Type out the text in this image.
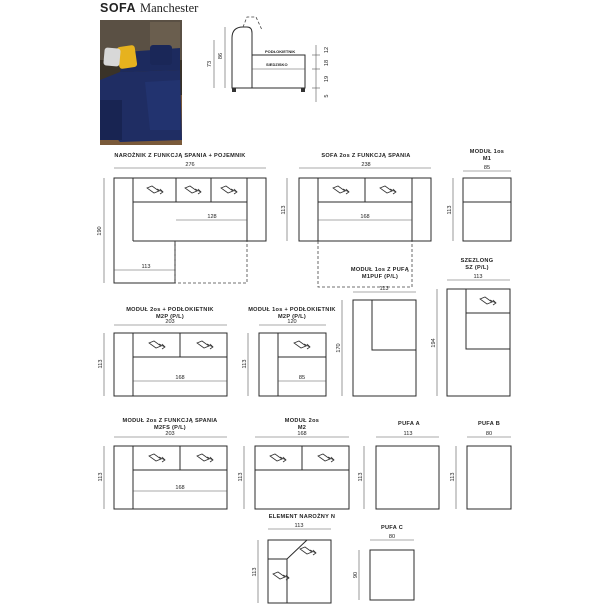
SOFA Manchester
PODŁOKIETNIK
SIEDZISKO
73
86
12
18
19
5
NAROŻNIK Z FUNKCJĄ SPANIA + POJEMNIK
276
190
128
113
SOFA 2os Z FUNKCJĄ SPANIA
238
113
168
MODUŁ 1os
M1
85
113
MODUŁ 1os Z PUFĄ
M1PUF (P/L)
113
170
SZEZLONG
SZ (P/L)
113
194
MODUŁ 2os + PODŁOKIETNIK
M2P (P/L)
203
113
168
MODUŁ 1os + PODŁOKIETNIK
M2P (P/L)
120
113
85
MODUŁ 2os Z FUNKCJĄ SPANIA
M2FS (P/L)
203
113
168
MODUŁ 2os
M2
168
113
PUFA A
113
113
PUFA B
80
113
ELEMENT NAROŻNY N
113
113
PUFA C
80
90
